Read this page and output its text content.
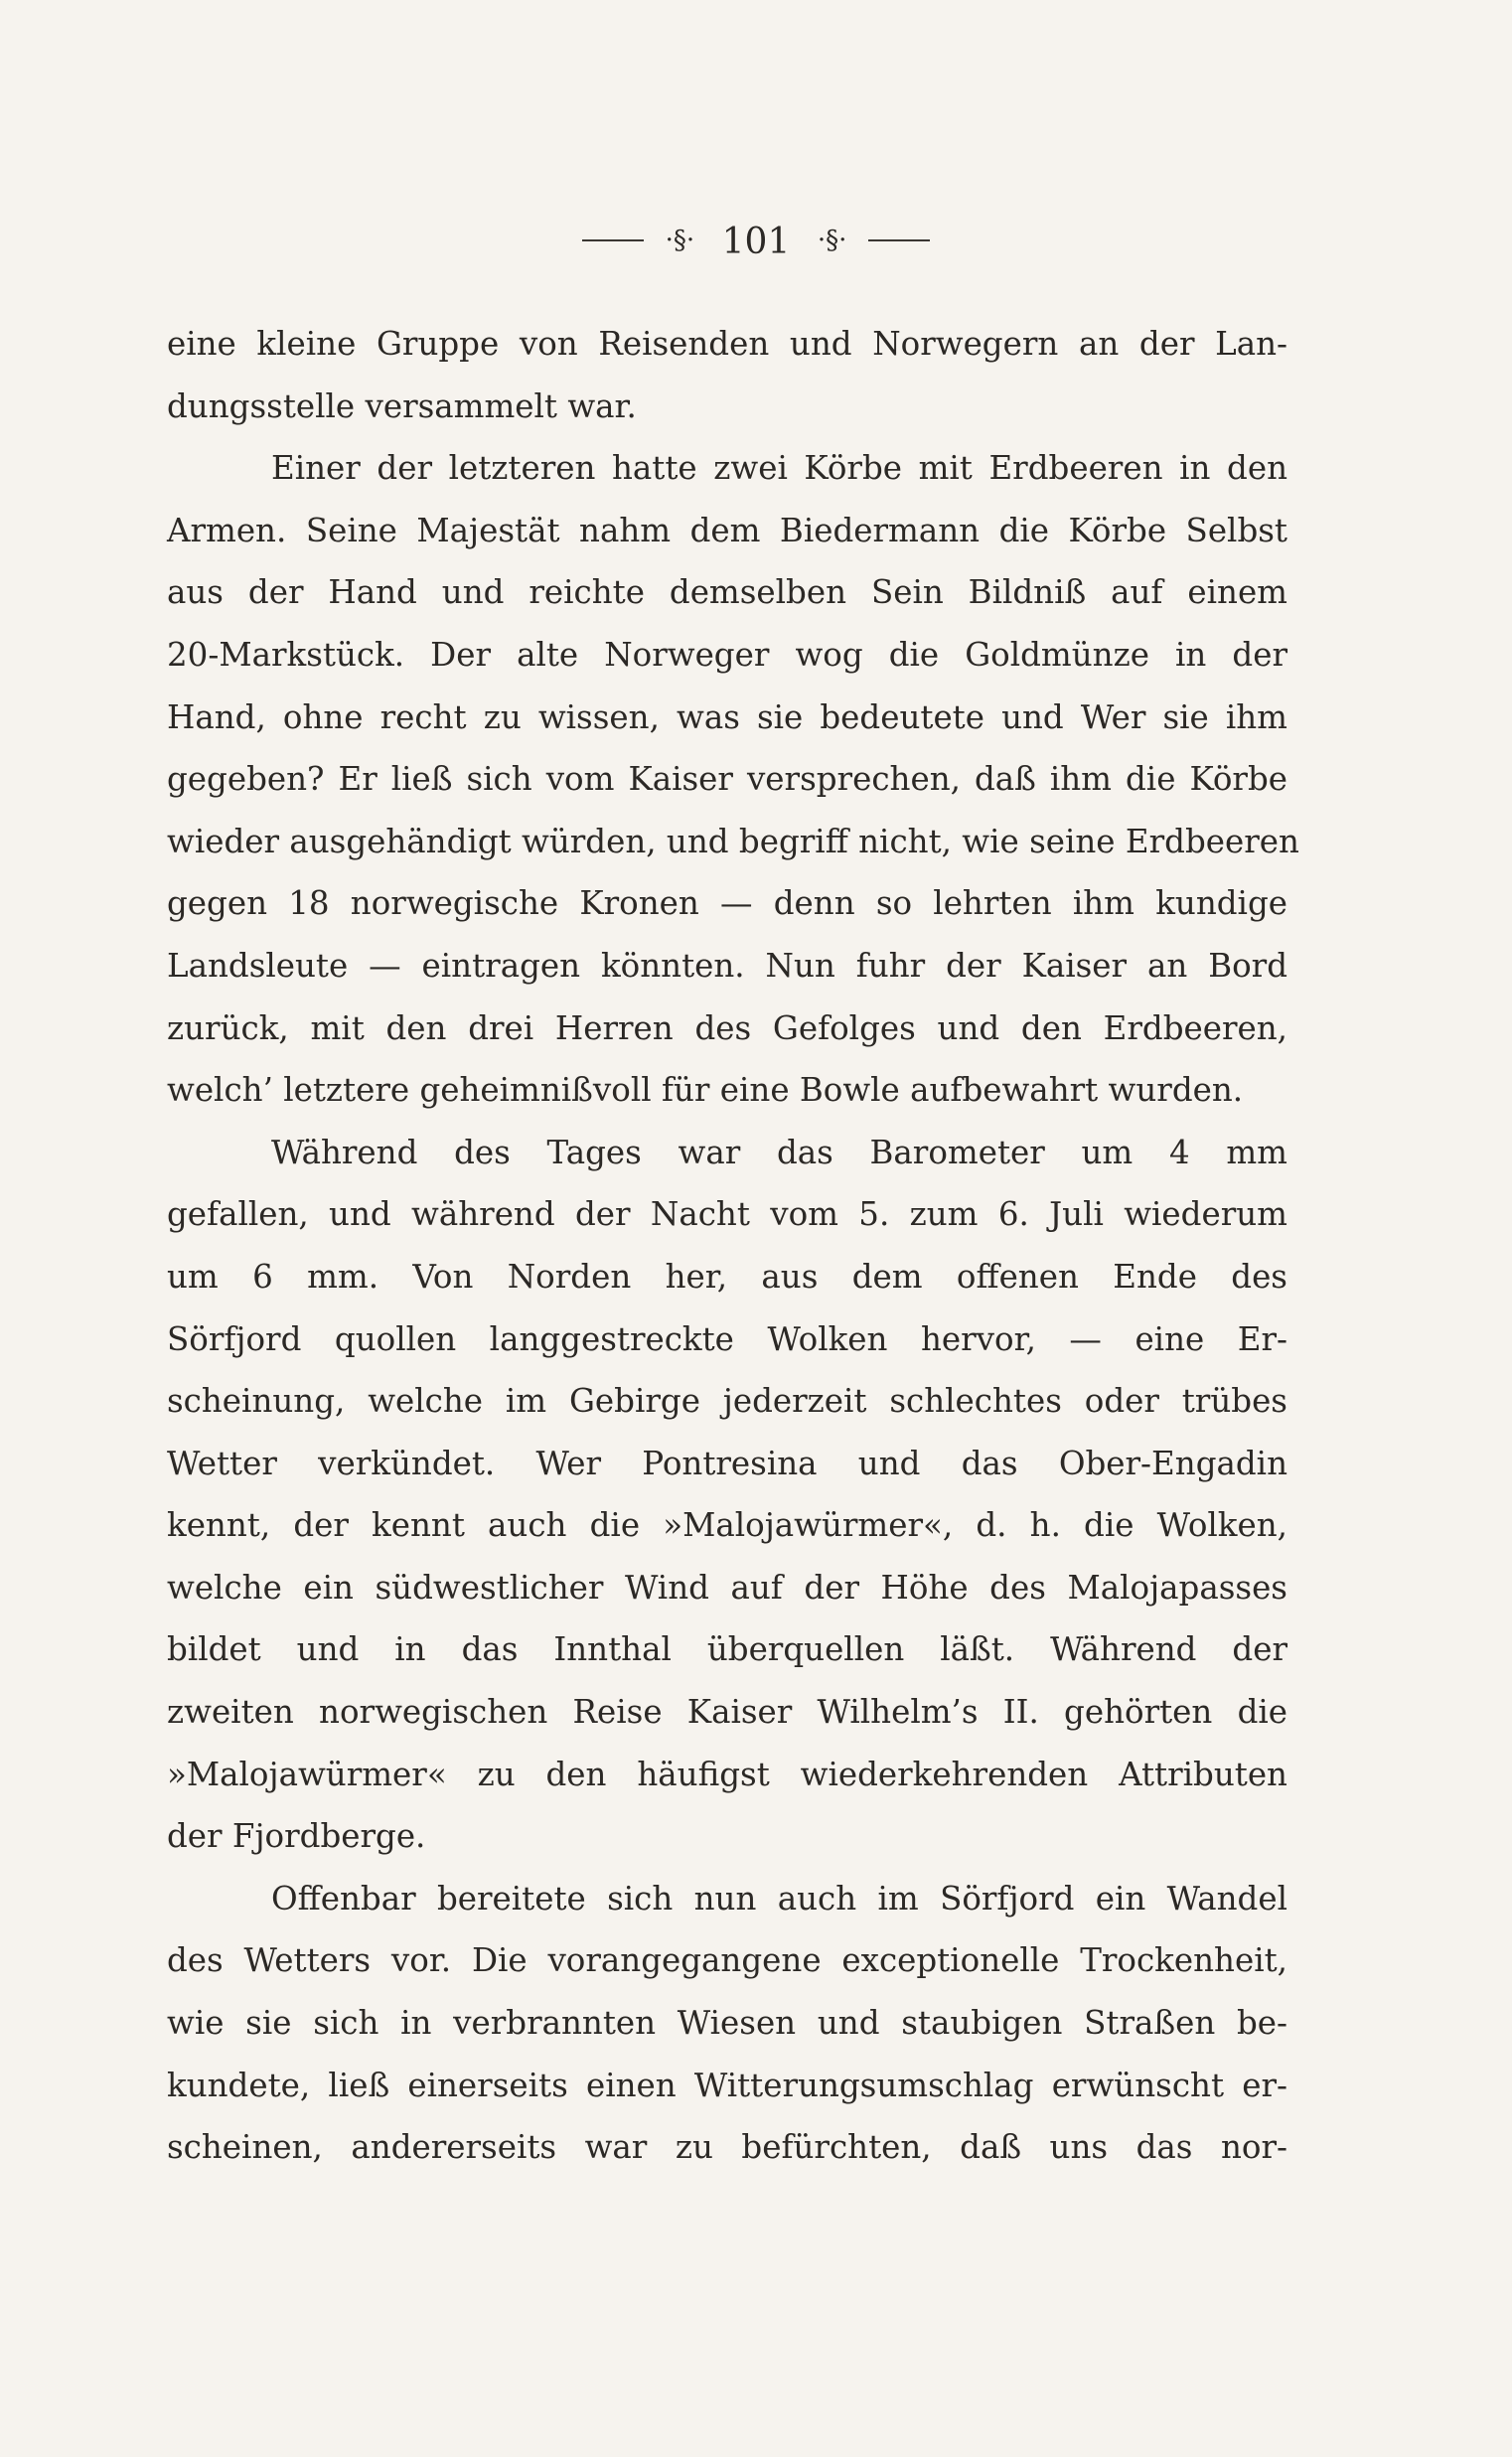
·§· 101 ·§·
eine kleine Gruppe von Reisenden und Norwegern an der Lan-
dungsstelle versammelt war.
Einer der letzteren hatte zwei Körbe mit Erdbeeren in den
Armen. Seine Majestät nahm dem Biedermann die Körbe Selbst
aus der Hand und reichte demselben Sein Bildniß auf einem
20-Markstück. Der alte Norweger wog die Goldmünze in der
Hand, ohne recht zu wissen, was sie bedeutete und Wer sie ihm
gegeben? Er ließ sich vom Kaiser versprechen, daß ihm die Körbe
wieder ausgehändigt würden, und begriff nicht, wie seine Erdbeeren
gegen 18 norwegische Kronen — denn so lehrten ihm kundige
Landsleute — eintragen könnten. Nun fuhr der Kaiser an Bord
zurück, mit den drei Herren des Gefolges und den Erdbeeren,
welch’ letztere geheimnißvoll für eine Bowle aufbewahrt wurden.
Während des Tages war das Barometer um 4 mm
gefallen, und während der Nacht vom 5. zum 6. Juli wiederum
um 6 mm. Von Norden her, aus dem offenen Ende des
Sörfjord quollen langgestreckte Wolken hervor, — eine Er-
scheinung, welche im Gebirge jederzeit schlechtes oder trübes
Wetter verkündet. Wer Pontresina und das Ober-Engadin
kennt, der kennt auch die »Malojawürmer«, d. h. die Wolken,
welche ein südwestlicher Wind auf der Höhe des Malojapasses
bildet und in das Innthal überquellen läßt. Während der
zweiten norwegischen Reise Kaiser Wilhelm’s II. gehörten die
»Malojawürmer« zu den häufigst wiederkehrenden Attributen
der Fjordberge.
Offenbar bereitete sich nun auch im Sörfjord ein Wandel
des Wetters vor. Die vorangegangene exceptionelle Trockenheit,
wie sie sich in verbrannten Wiesen und staubigen Straßen be-
kundete, ließ einerseits einen Witterungsumschlag erwünscht er-
scheinen, andererseits war zu befürchten, daß uns das nor-
